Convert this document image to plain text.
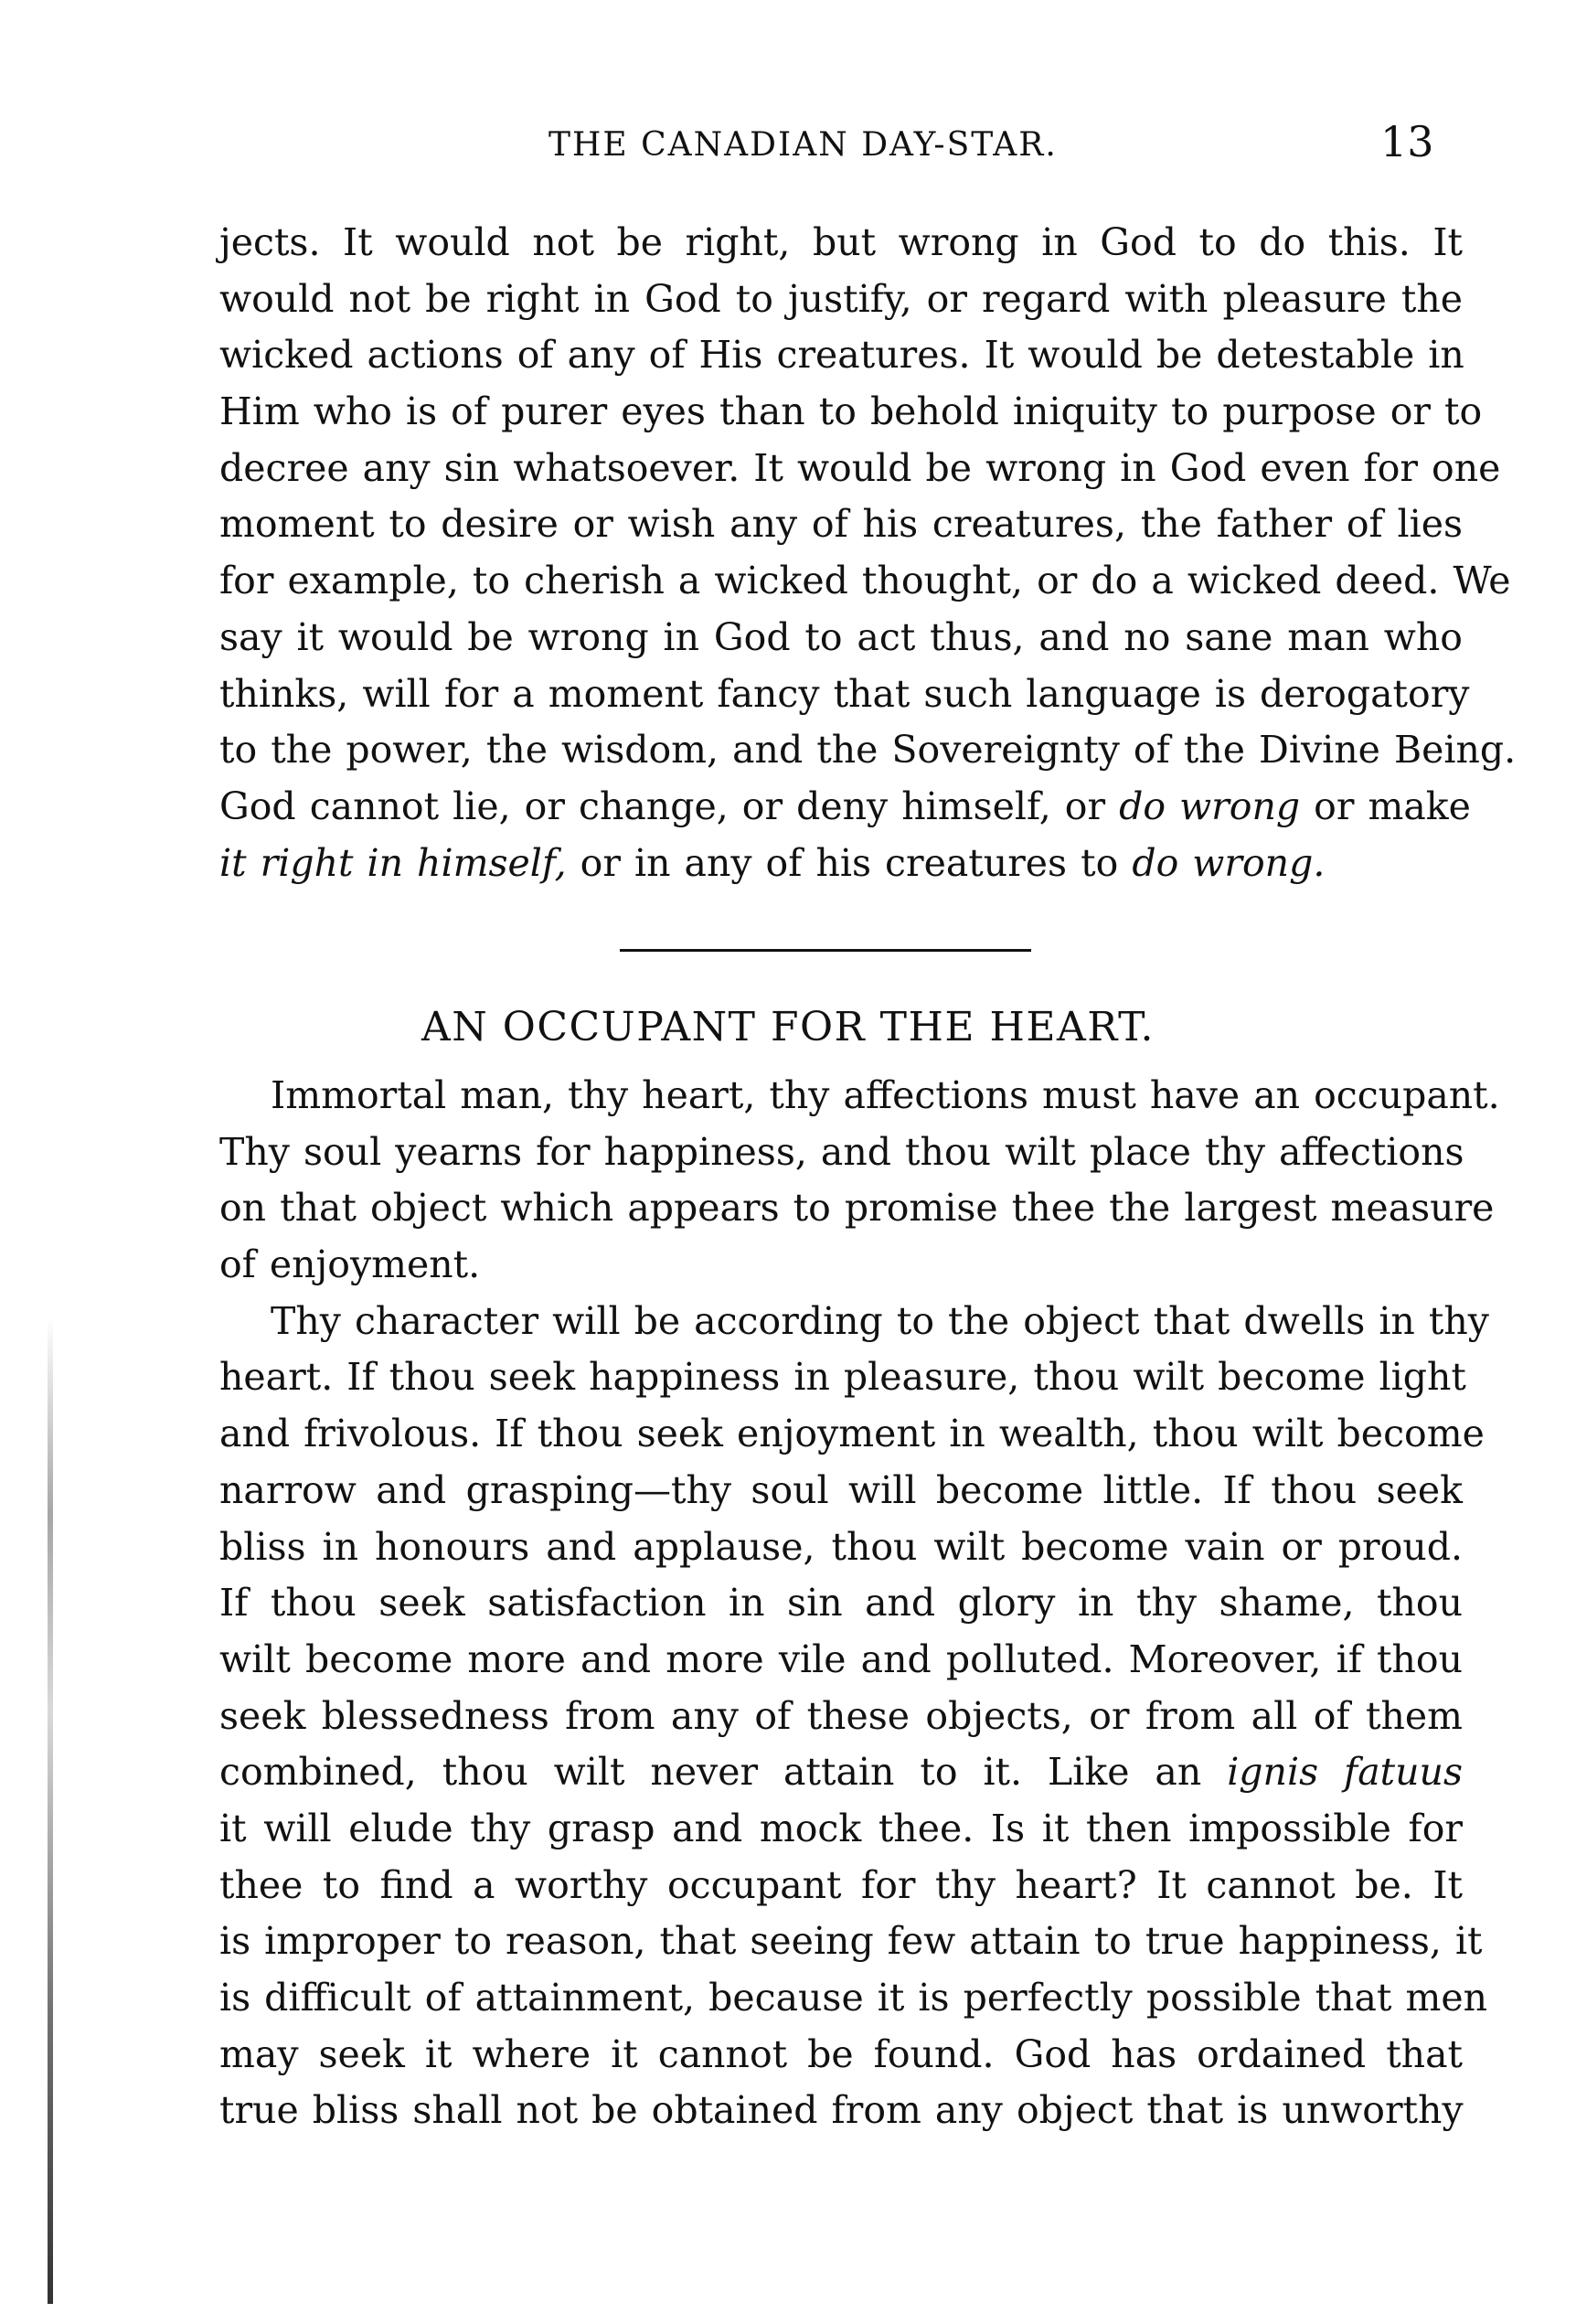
THE CANADIAN DAY-STAR.	13
jects. It would not be right, but wrong in God to do this. It
would not be right in God to justify, or regard with pleasure the
wicked actions of any of His creatures. It would be detestable in
Him who is of purer eyes than to behold iniquity to purpose or to
decree any sin whatsoever. It would be wrong in God even for one
moment to desire or wish any of his creatures, the father of lies
for example, to cherish a wicked thought, or do a wicked deed. We
say it would be wrong in God to act thus, and no sane man who
thinks, will for a moment fancy that such language is derogatory
to the power, the wisdom, and the Sovereignty of the Divine Being.
God cannot lie, or change, or deny himself, or do wrong or make
it right in himself, or in any of his creatures to do wrong.
AN OCCUPANT FOR THE HEART.
Immortal man, thy heart, thy affections must have an occupant.
Thy soul yearns for happiness, and thou wilt place thy affections
on that object which appears to promise thee the largest measure
of enjoyment.
Thy character will be according to the object that dwells in thy
heart. If thou seek happiness in pleasure, thou wilt become light
and frivolous. If thou seek enjoyment in wealth, thou wilt become
narrow and grasping—thy soul will become little. If thou seek
bliss in honours and applause, thou wilt become vain or proud.
If thou seek satisfaction in sin and glory in thy shame, thou
wilt become more and more vile and polluted. Moreover, if thou
seek blessedness from any of these objects, or from all of them
combined, thou wilt never attain to it. Like an ignis fatuus
it will elude thy grasp and mock thee. Is it then impossible for
thee to find a worthy occupant for thy heart? It cannot be. It
is improper to reason, that seeing few attain to true happiness, it
is difficult of attainment, because it is perfectly possible that men
may seek it where it cannot be found. God has ordained that
true bliss shall not be obtained from any object that is unworthy
